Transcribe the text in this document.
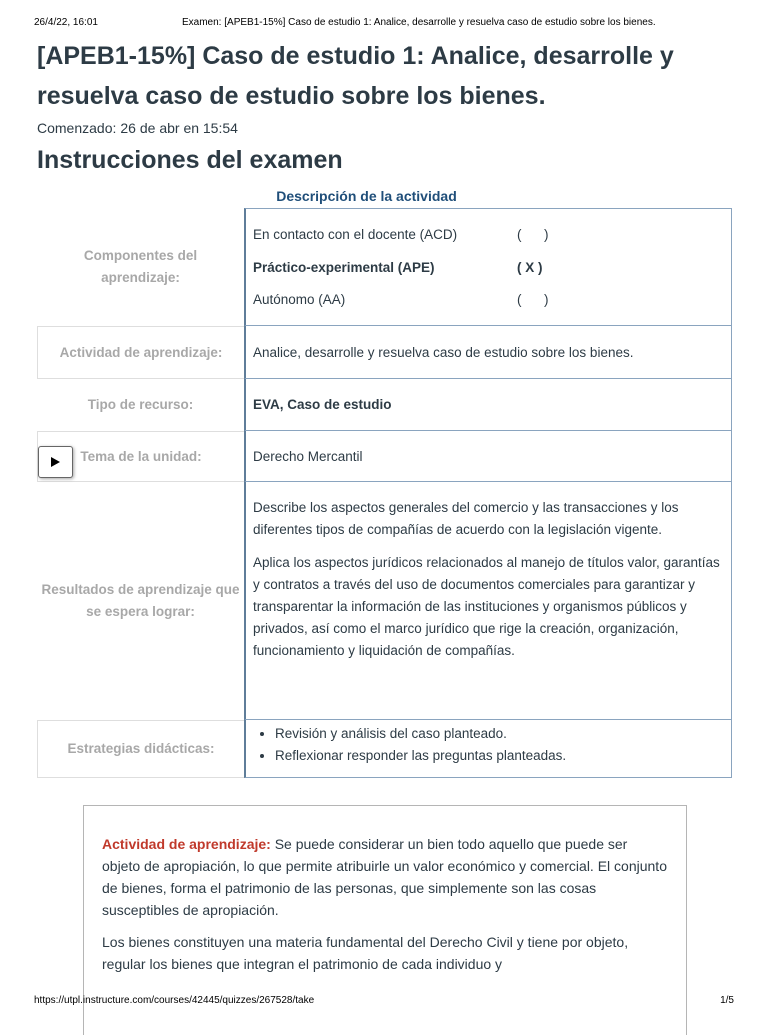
26/4/22, 16:01	Examen: [APEB1-15%] Caso de estudio 1: Analice, desarrolle y resuelva caso de estudio sobre los bienes.
[APEB1-15%] Caso de estudio 1: Analice, desarrolle y resuelva caso de estudio sobre los bienes.
Comenzado: 26 de abr en 15:54
Instrucciones del examen
Descripción de la actividad
Componentes del aprendizaje:
En contacto con el docente (ACD)	(      )
Práctico-experimental (APE)	( X )
Autónomo (AA)	(      )
Actividad de aprendizaje:	Analice, desarrolle y resuelva caso de estudio sobre los bienes.
Tipo de recurso:	EVA, Caso de estudio
Tema de la unidad:	Derecho Mercantil
Resultados de aprendizaje que se espera lograr:

Describe los aspectos generales del comercio y las transacciones y los diferentes tipos de compañías de acuerdo con la legislación vigente.

Aplica los aspectos jurídicos relacionados al manejo de títulos valor, garantías y contratos a través del uso de documentos comerciales para garantizar y transparentar la información de las instituciones y organismos públicos y privados, así como el marco jurídico que rige la creación, organización, funcionamiento y liquidación de compañías.

Estrategias didácticas:
• Revisión y análisis del caso planteado.
• Reflexionar responder las preguntas planteadas.

Actividad de aprendizaje: Se puede considerar un bien todo aquello que puede ser objeto de apropiación, lo que permite atribuirle un valor económico y comercial. El conjunto de bienes, forma el patrimonio de las personas, que simplemente son las cosas susceptibles de apropiación.

Los bienes constituyen una materia fundamental del Derecho Civil y tiene por objeto, regular los bienes que integran el patrimonio de cada individuo y

https://utpl.instructure.com/courses/42445/quizzes/267528/take	1/5
